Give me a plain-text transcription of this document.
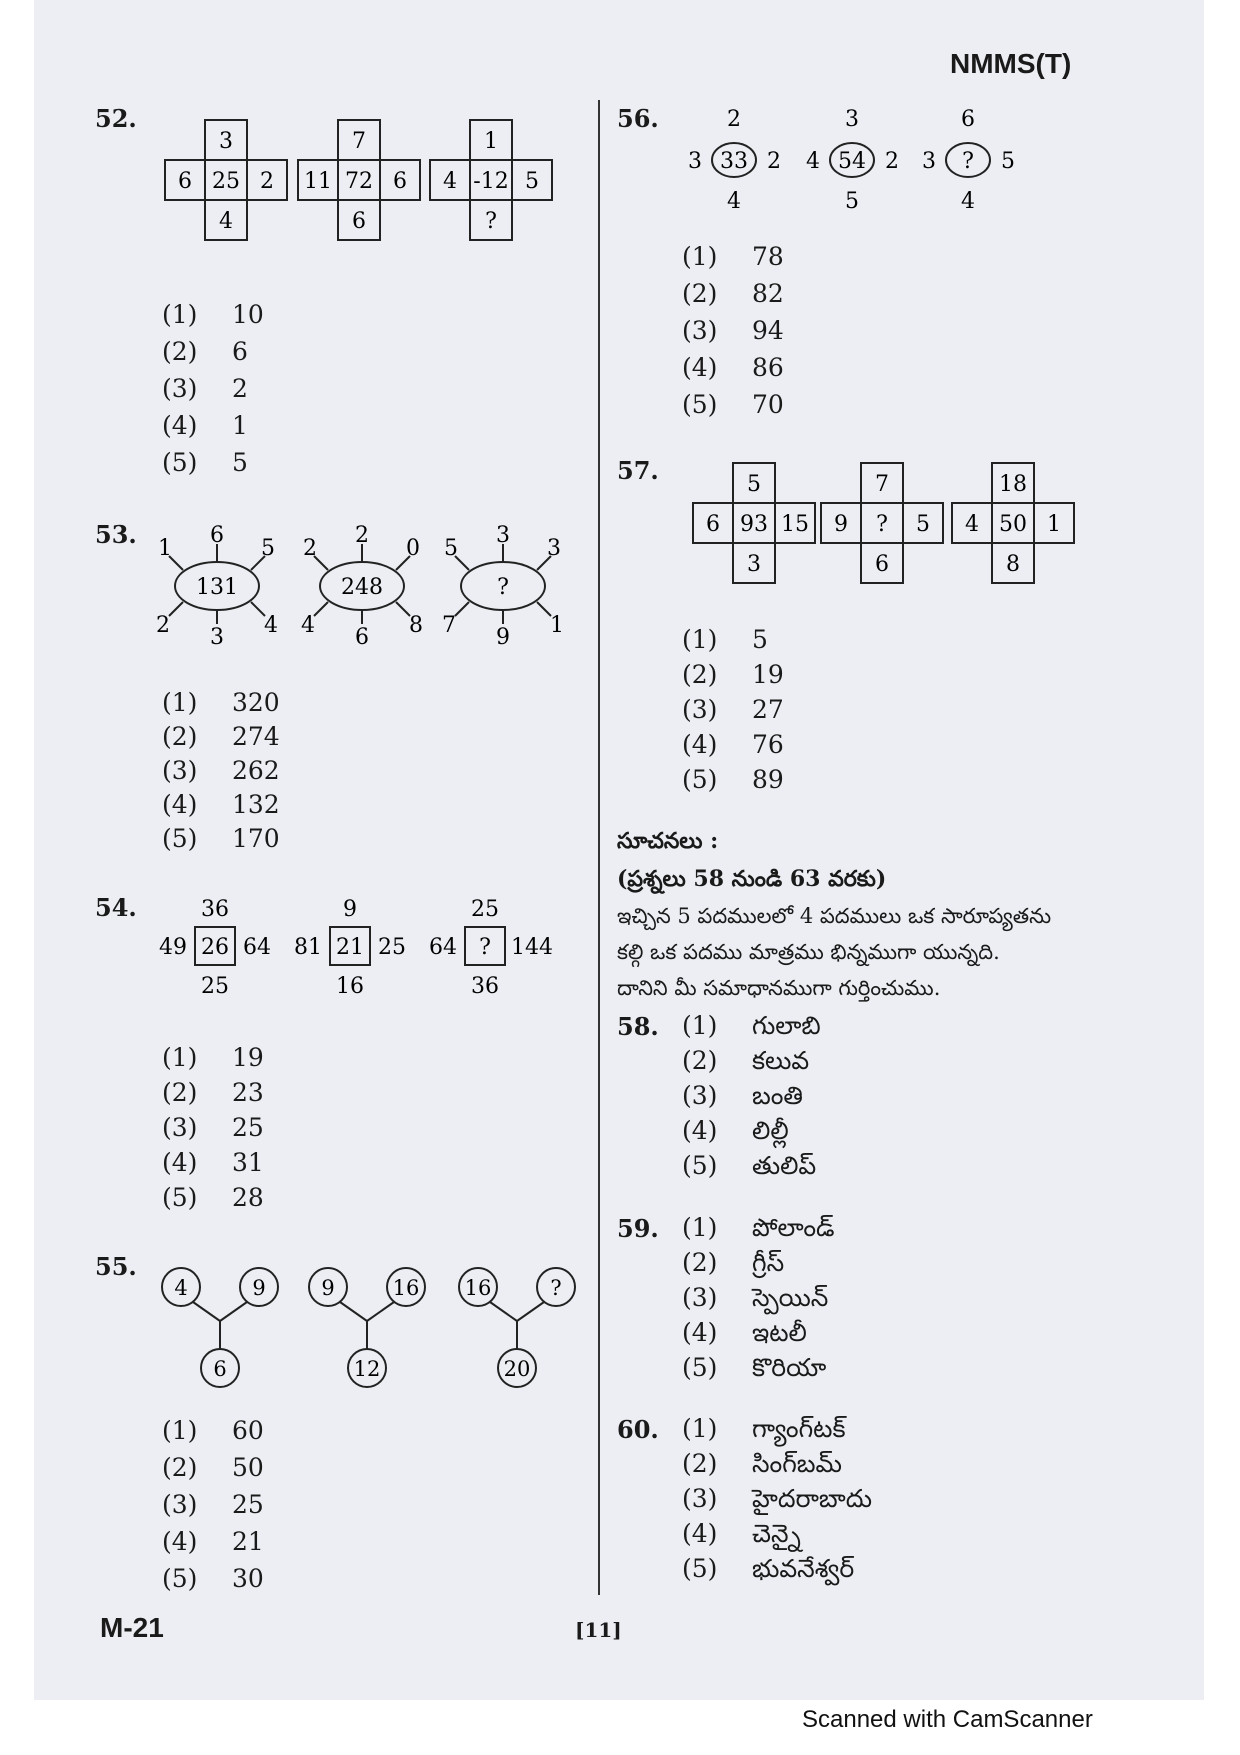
NMMS(T)
52.
3
6 25 2
4
7
11 72 6
6
1
4 -12 5
?
(1) 10
(2) 6
(3) 2
(4) 1
(5) 5
53.
131
1
6
5
2 3 4
248
2
2
0
4 6 8
?
5
3
3
7 9 1
(1) 320
(2) 274
(3) 262
(4) 132
(5) 170
54.	36
49 26 64
25
9
81 21 25
16
25
64 ? 144
36
(1) 19
(2) 23
(3) 25
(4) 31
(5) 28
55.
4	9
6
9	16
12
16	?
20
(1) 60
(2) 50
(3) 25
(4) 21
(5) 30
56.	2
3 33 2
4
3
4 54 2
5
6
3 ? 5
4
(1) 78
(2) 82
(3) 94
(4) 86
(5) 70
57.	5
6 93 15
3
7
9 ? 5
6
18
4 50 1
8
(1) 5
(2) 19
(3) 27
(4) 76
(5) 89
సూచనలు :
(ప్రశ్నలు 58 నుండి 63 వరకు)
ఇచ్చిన 5 పదములలో 4 పదములు ఒక సారూప్యతను
కల్గి ఒక పదము మాత్రము భిన్నముగా యున్నది.
దానిని మీ సమాధానముగా గుర్తించుము.
58. (1) గులాబి
(2) కలువ
(3) బంతి
(4) లిల్లీ
(5) తులిప్
59. (1) పోలాండ్
(2) గ్రీస్
(3) స్పెయిన్
(4) ఇటలీ
(5) కొరియా
60. (1) గ్యాంగ్‌టక్
(2) సింగ్‌బమ్
(3) హైదరాబాదు
(4) చెన్నై
(5) భువనేశ్వర్
M-21	[11]
Scanned with CamScanner
